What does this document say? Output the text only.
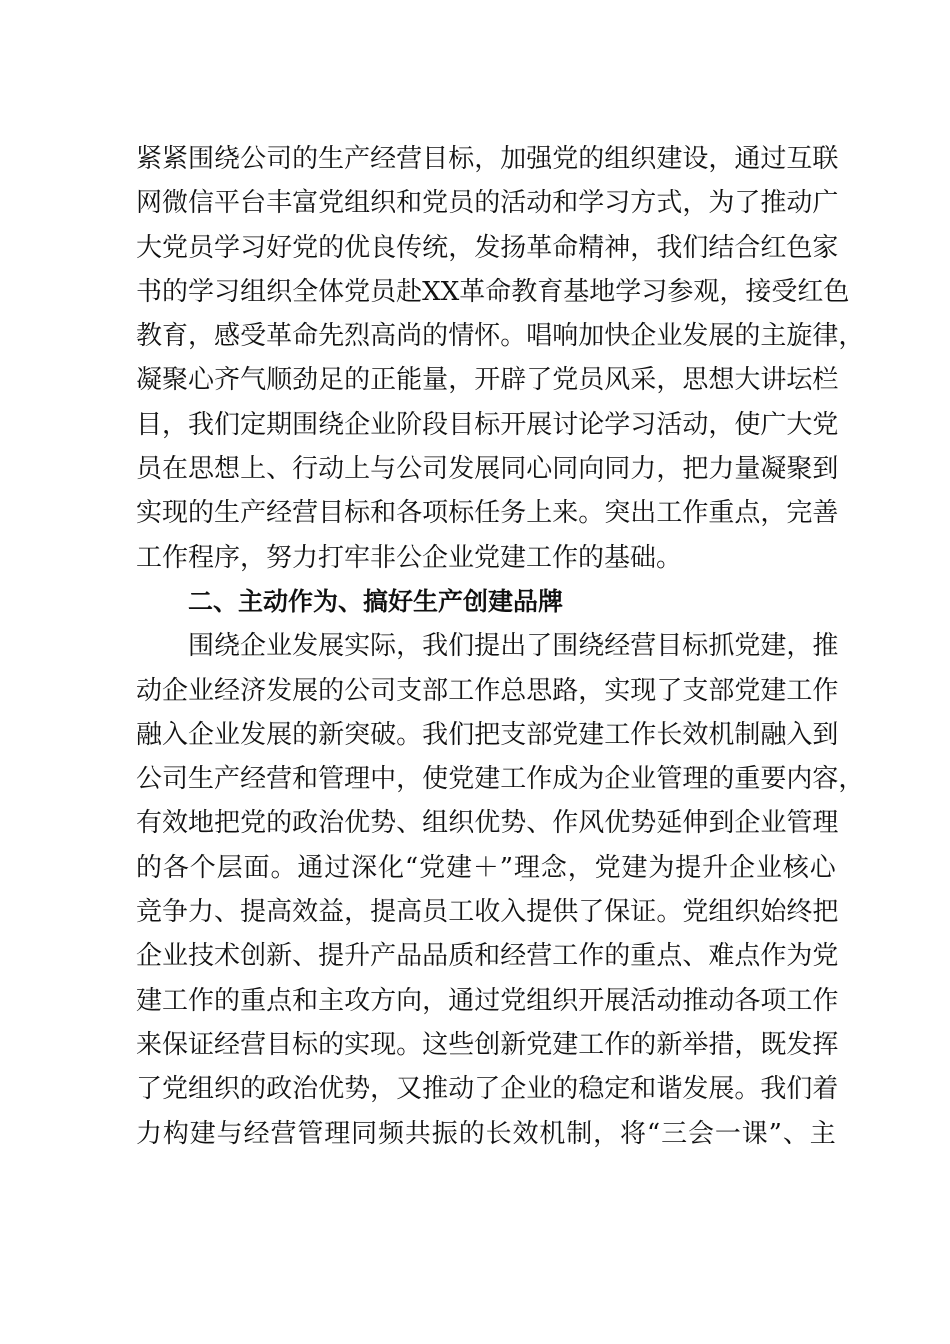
紧 紧 围 绕 公 司 的 生 产 经 营 目 标 ， 加 强 党 的 组 织 建 设 ， 通 过 互 联
网 微 信 平 台 丰 富 党 组 织 和 党 员 的 活 动 和 学 习 方 式 ， 为 了 推 动 广
大 党 员 学 习 好 党 的 优 良 传 统 ， 发 扬 革 命 精 神 ， 我 们 结 合 红 色 家
书 的 学 习 组 织 全 体 党 员 赴 X X 革 命 教 育 基 地 学 习 参 观 ， 接 受 红 色
教 育 ， 感 受 革 命 先 烈 高 尚 的 情 怀 。 唱 响 加 快 企 业 发 展 的 主 旋 律 ，
凝 聚 心 齐 气 顺 劲 足 的 正 能 量 ， 开 辟 了 党 员 风 采 ， 思 想 大 讲 坛 栏
目 ， 我 们 定 期 围 绕 企 业 阶 段 目 标 开 展 讨 论 学 习 活 动 ， 使 广 大 党
员 在 思 想 上 、 行 动 上 与 公 司 发 展 同 心 同 向 同 力 ， 把 力 量 凝 聚 到
实 现 的 生 产 经 营 目 标 和 各 项 标 任 务 上 来 。 突 出 工 作 重 点 ， 完 善
工作程序，努力打牢非公企业党建工作的基础。
二、主动作为、搞好生产创建品牌
围 绕 企 业 发 展 实 际 ， 我 们 提 出 了 围 绕 经 营 目 标 抓 党 建 ， 推
动 企 业 经 济 发 展 的 公 司 支 部 工 作 总 思 路 ， 实 现 了 支 部 党 建 工 作
融 入 企 业 发 展 的 新 突 破 。 我 们 把 支 部 党 建 工 作 长 效 机 制 融 入 到
公 司 生 产 经 营 和 管 理 中 ， 使 党 建 工 作 成 为 企 业 管 理 的 重 要 内 容 ，
有 效 地 把 党 的 政 治 优 势 、 组 织 优 势 、 作 风 优 势 延 伸 到 企 业 管 理
的 各 个 层 面 。 通 过 深 化 “ 党 建 ＋ ” 理 念 ， 党 建 为 提 升 企 业 核 心
竞 争 力 、 提 高 效 益 ， 提 高 员 工 收 入 提 供 了 保 证 。 党 组 织 始 终 把
企 业 技 术 创 新 、 提 升 产 品 品 质 和 经 营 工 作 的 重 点 、 难 点 作 为 党
建 工 作 的 重 点 和 主 攻 方 向 ， 通 过 党 组 织 开 展 活 动 推 动 各 项 工 作
来 保 证 经 营 目 标 的 实 现 。 这 些 创 新 党 建 工 作 的 新 举 措 ， 既 发 挥
了 党 组 织 的 政 治 优 势 ， 又 推 动 了 企 业 的 稳 定 和 谐 发 展 。 我 们 着
力 构 建 与 经 营 管 理 同 频 共 振 的 长 效 机 制 ， 将 “ 三 会 一 课 ” 、 主
